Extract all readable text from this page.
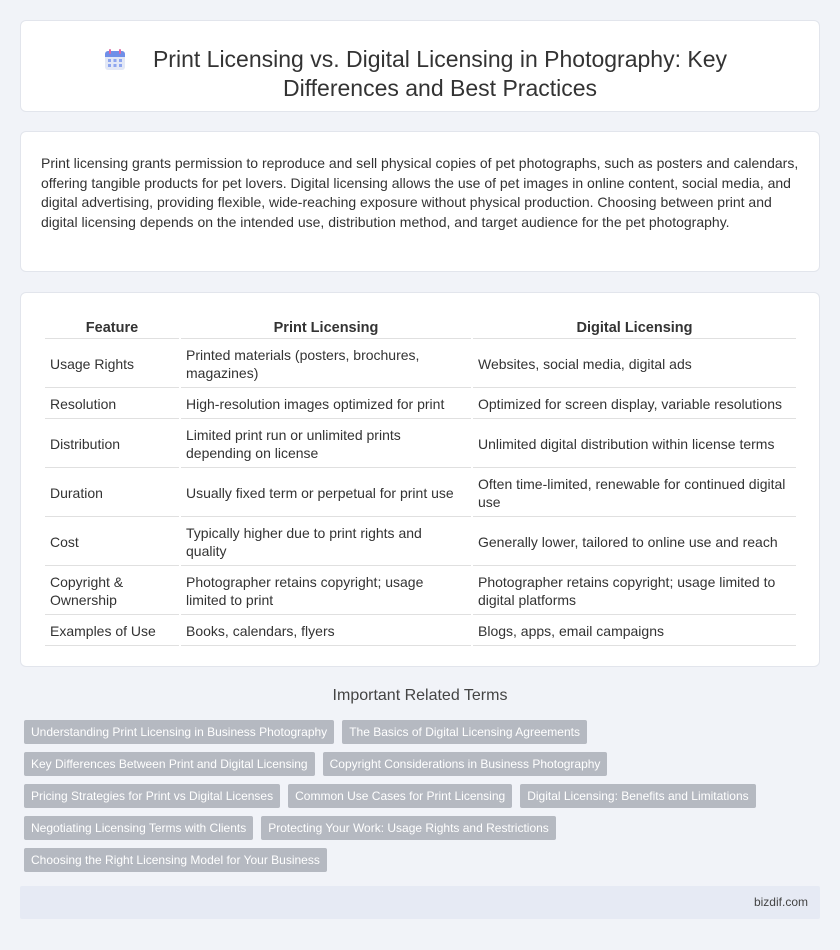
Print Licensing vs. Digital Licensing in Photography: Key Differences and Best Practices

Print licensing grants permission to reproduce and sell physical copies of pet photographs, such as posters and calendars, offering tangible products for pet lovers. Digital licensing allows the use of pet images in online content, social media, and digital advertising, providing flexible, wide-reaching exposure without physical production. Choosing between print and digital licensing depends on the intended use, distribution method, and target audience for the pet photography.

Feature	Print Licensing	Digital Licensing
Usage Rights	Printed materials (posters, brochures, magazines)	Websites, social media, digital ads
Resolution	High-resolution images optimized for print	Optimized for screen display, variable resolutions
Distribution	Limited print run or unlimited prints depending on license	Unlimited digital distribution within license terms
Duration	Usually fixed term or perpetual for print use	Often time-limited, renewable for continued digital use
Cost	Typically higher due to print rights and quality	Generally lower, tailored to online use and reach
Copyright & Ownership	Photographer retains copyright; usage limited to print	Photographer retains copyright; usage limited to digital platforms
Examples of Use	Books, calendars, flyers	Blogs, apps, email campaigns
Important Related Terms
Understanding Print Licensing in Business Photography	The Basics of Digital Licensing Agreements
Key Differences Between Print and Digital Licensing	Copyright Considerations in Business Photography
Pricing Strategies for Print vs Digital Licenses	Common Use Cases for Print Licensing	Digital Licensing: Benefits and Limitations
Negotiating Licensing Terms with Clients	Protecting Your Work: Usage Rights and Restrictions
Choosing the Right Licensing Model for Your Business
bizdif.com
